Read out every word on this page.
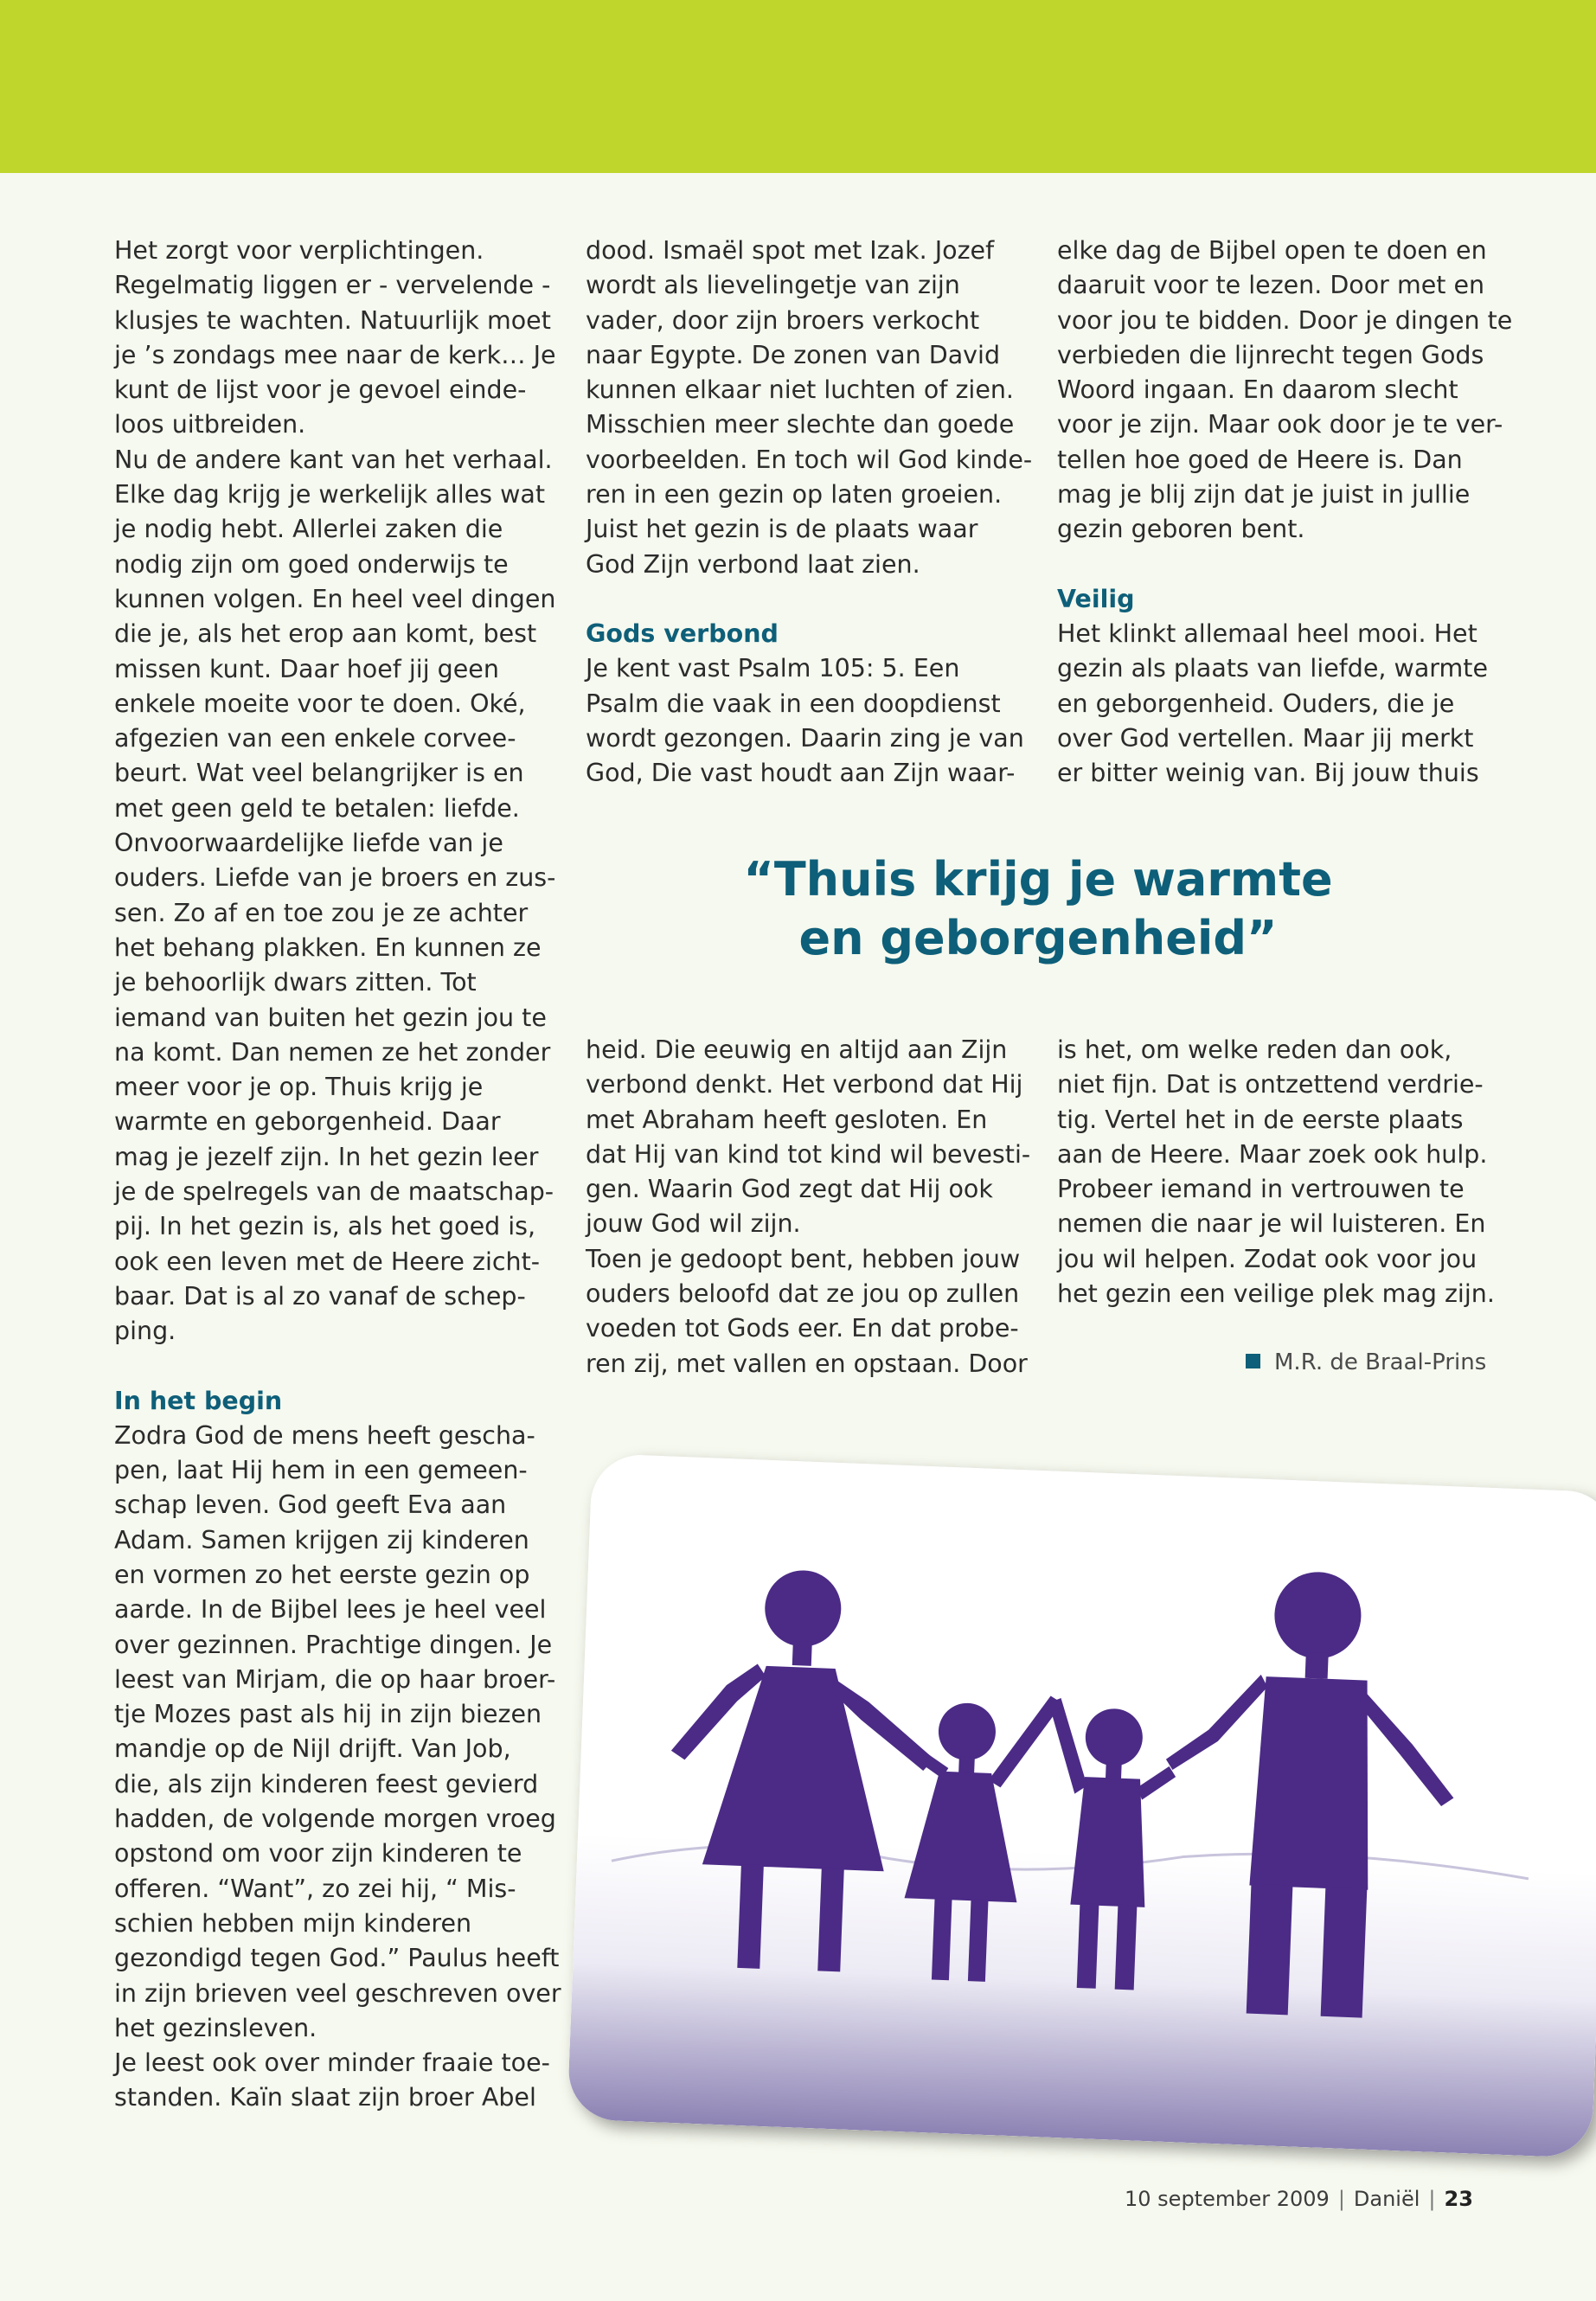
Het zorgt voor verplichtingen.

Regelmatig liggen er - vervelende -

klusjes te wachten. Natuurlijk moet

je ’s zondags mee naar de kerk… Je

kunt de lijst voor je gevoel einde-

loos uitbreiden.

Nu de andere kant van het verhaal.

Elke dag krijg je werkelijk alles wat

je nodig hebt. Allerlei zaken die

nodig zijn om goed onderwijs te

kunnen volgen. En heel veel dingen

die je, als het erop aan komt, best

missen kunt. Daar hoef jij geen

enkele moeite voor te doen. Oké,

afgezien van een enkele corvee-

beurt. Wat veel belangrijker is en

met geen geld te betalen: liefde.

Onvoorwaardelijke liefde van je

ouders. Liefde van je broers en zus-

sen. Zo af en toe zou je ze achter

het behang plakken. En kunnen ze

je behoorlijk dwars zitten. Tot

iemand van buiten het gezin jou te

na komt. Dan nemen ze het zonder

meer voor je op. Thuis krijg je

warmte en geborgenheid. Daar

mag je jezelf zijn. In het gezin leer

je de spelregels van de maatschap-

pij. In het gezin is, als het goed is,

ook een leven met de Heere zicht-

baar. Dat is al zo vanaf de schep-

ping.

In het begin

Zodra God de mens heeft geschа-

pen, laat Hij hem in een gemeen-

schap leven. God geeft Eva aan

Adam. Samen krijgen zij kinderen

en vormen zo het eerste gezin op

aarde. In de Bijbel lees je heel veel

over gezinnen. Prachtige dingen. Je

leest van Mirjam, die op haar broer-

tje Mozes past als hij in zijn biezen

mandje op de Nijl drijft. Van Job,

die, als zijn kinderen feest gevierd

hadden, de volgende morgen vroeg

opstond om voor zijn kinderen te

offeren. “Want”, zo zei hij, “ Mis-

schien hebben mijn kinderen

gezondigd tegen God.” Paulus heeft

in zijn brieven veel geschreven over

het gezinsleven.

Je leest ook over minder fraaie toe-

standen. Kaïn slaat zijn broer Abel

dood. Ismaël spot met Izak. Jozef

wordt als lievelingetje van zijn

vader, door zijn broers verkocht

naar Egypte. De zonen van David

kunnen elkaar niet luchten of zien.

Misschien meer slechte dan goede

voorbeelden. En toch wil God kinde-

ren in een gezin op laten groeien.

Juist het gezin is de plaats waar

God Zijn verbond laat zien.

Gods verbond

Je kent vast Psalm 105: 5. Een

Psalm die vaak in een doopdienst

wordt gezongen. Daarin zing je van

God, Die vast houdt aan Zijn waar-

elke dag de Bijbel open te doen en

daaruit voor te lezen. Door met en

voor jou te bidden. Door je dingen te

verbieden die lijnrecht tegen Gods

Woord ingaan. En daarom slecht

voor je zijn. Maar ook door je te ver-

tellen hoe goed de Heere is. Dan

mag je blij zijn dat je juist in jullie

gezin geboren bent.

Veilig

Het klinkt allemaal heel mooi. Het

gezin als plaats van liefde, warmte

en geborgenheid. Ouders, die je

over God vertellen. Maar jij merkt

er bitter weinig van. Bij jouw thuis

“Thuis krijg je warmte

en geborgenheid”

heid. Die eeuwig en altijd aan Zijn

verbond denkt. Het verbond dat Hij

met Abraham heeft gesloten. En

dat Hij van kind tot kind wil bevesti-

gen. Waarin God zegt dat Hij ook

jouw God wil zijn.

Toen je gedoopt bent, hebben jouw

ouders beloofd dat ze jou op zullen

voeden tot Gods eer. En dat probe-

ren zij, met vallen en opstaan. Door

is het, om welke reden dan ook,

niet fijn. Dat is ontzettend verdrie-

tig. Vertel het in de eerste plaats

aan de Heere. Maar zoek ook hulp.

Probeer iemand in vertrouwen te

nemen die naar je wil luisteren. En

jou wil helpen. Zodat ook voor jou

het gezin een veilige plek mag zijn.

M.R. de Braal-Prins
10 september 2009 | Daniël | 23
